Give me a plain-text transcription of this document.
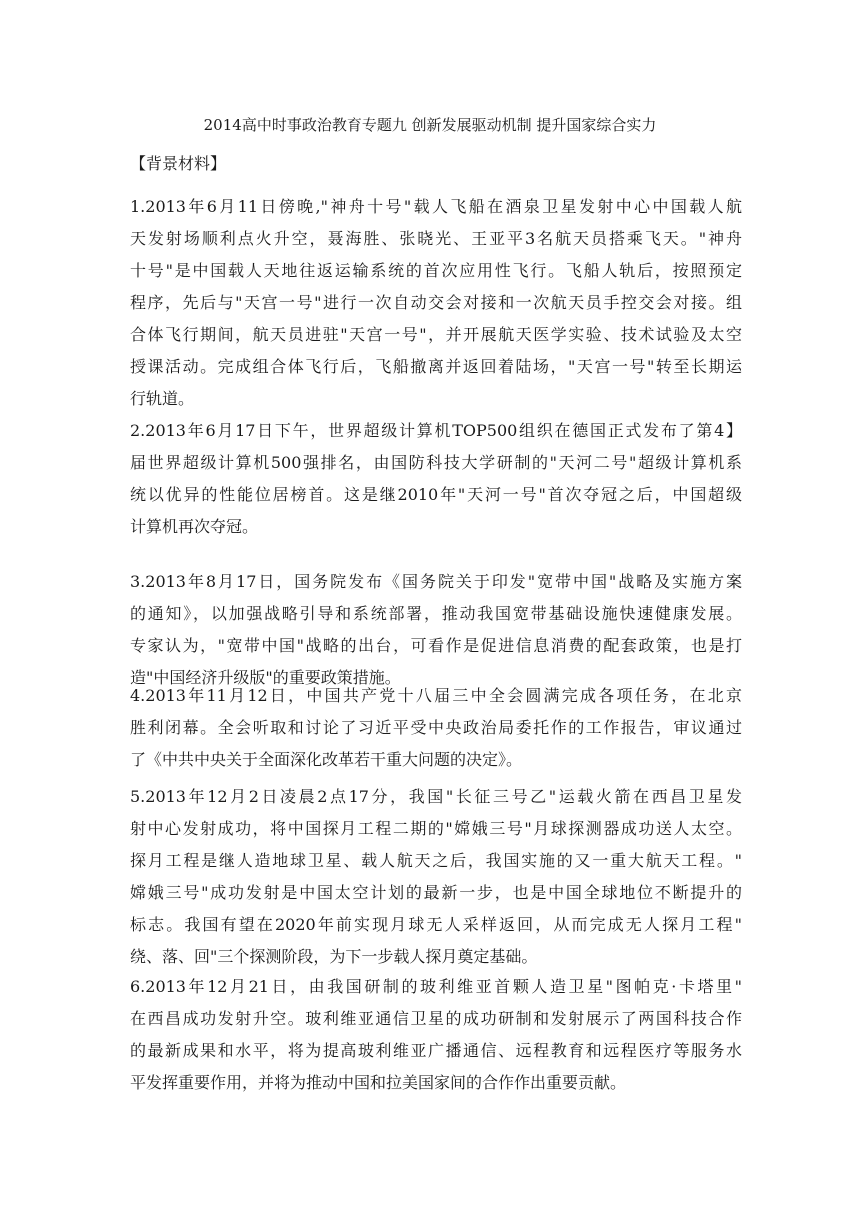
2014高中时事政治教育专题九 创新发展驱动机制 提升国家综合实力
【背景材料】
1.2013年6月11日傍晚,"神舟十号"载人飞船在酒泉卫星发射中心中国载人航
天发射场顺利点火升空，聂海胜、张晓光、王亚平3名航天员搭乘飞天。"神舟
十号"是中国载人天地往返运输系统的首次应用性飞行。飞船人轨后，按照预定
程序，先后与"天宫一号"进行一次自动交会对接和一次航天员手控交会对接。组
合体飞行期间，航天员进驻"天宫一号"，并开展航天医学实验、技术试验及太空
授课活动。完成组合体飞行后，飞船撤离并返回着陆场，"天宫一号"转至长期运
行轨道。
2.2013年6月17日下午，世界超级计算机TOP500组织在德国正式发布了第4】
届世界超级计算机500强排名，由国防科技大学研制的"天河二号"超级计算机系
统以优异的性能位居榜首。这是继2010年"天河一号"首次夺冠之后，中国超级
计算机再次夺冠。
3.2013年8月17日，国务院发布《国务院关于印发"宽带中国"战略及实施方案
的通知》，以加强战略引导和系统部署，推动我国宽带基础设施快速健康发展。
专家认为，"宽带中国"战略的出台，可看作是促进信息消费的配套政策，也是打
造"中国经济升级版"的重要政策措施。
4.2013年11月12日，中国共产党十八届三中全会圆满完成各项任务，在北京
胜利闭幕。全会听取和讨论了习近平受中央政治局委托作的工作报告，审议通过
了《中共中央关于全面深化改革若干重大问题的决定》。
5.2013年12月2日凌晨2点17分，我国"长征三号乙"运载火箭在西昌卫星发
射中心发射成功，将中国探月工程二期的"嫦娥三号"月球探测器成功送人太空。
探月工程是继人造地球卫星、载人航天之后，我国实施的又一重大航天工程。"
嫦娥三号"成功发射是中国太空计划的最新一步，也是中国全球地位不断提升的
标志。我国有望在2020年前实现月球无人采样返回，从而完成无人探月工程"
绕、落、回"三个探测阶段，为下一步载人探月奠定基础。
6.2013年12月21日，由我国研制的玻利维亚首颗人造卫星"图帕克·卡塔里"
在西昌成功发射升空。玻利维亚通信卫星的成功研制和发射展示了两国科技合作
的最新成果和水平，将为提高玻利维亚广播通信、远程教育和远程医疗等服务水
平发挥重要作用，并将为推动中国和拉美国家间的合作作出重要贡献。
